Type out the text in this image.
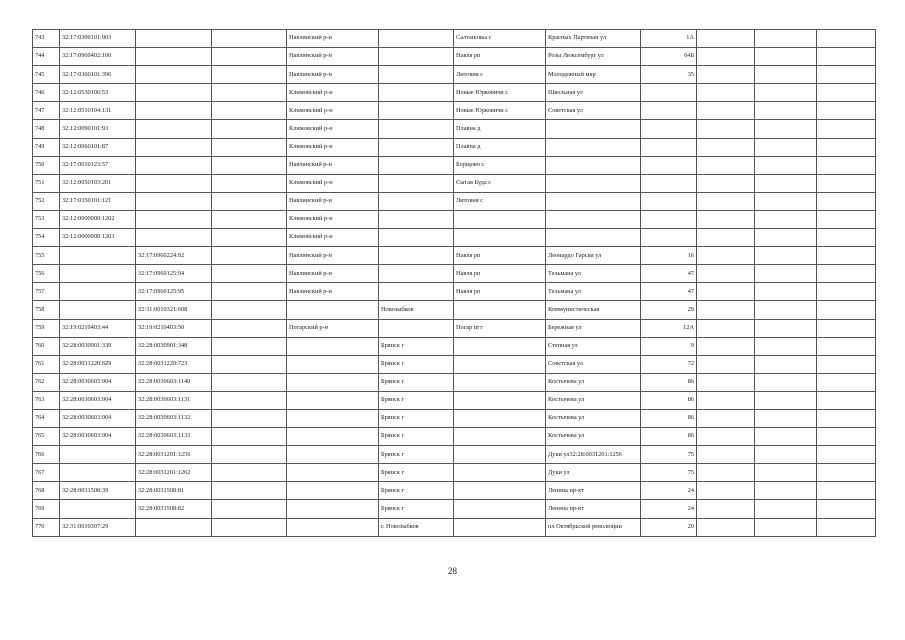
743	32:17:0300101:903			Навлинский р-н		Салтановка с	Красных Партизан ул	1А			
744	32:17:0960402:100			Навлинский р-н		Навля рп	Розы Люксембург ул	64Б			
745	32:17:0360101:396			Навлинский р-н		Литовня с	Молодежный мкр	35			
746	32:12:0530106:53			Климовский р-н		Новые Юрковичи с	Школьная ул				
747	32:12:0510104:131			Климовский р-н		Новые Юрковичи с	Советская ул				
748	32:12:0090101:93			Климовский р-н		Плавна д					
749	32:12:0060101:87			Климовский р-н		Плавна д					
750	32:17:0010123:57			Навлинский р-н		Борщово с					
751	32:12:0050103:201			Климовский р-н		Сытая Буда с					
752	32:17:0350101:121			Навлинский р-н		Литовня с					
753	32:12:0000000:1202			Климовский р-н							
754	32:12:0000000:1203			Климовский р-н							
755		32:17:0960224:92		Навлинский р-н		Навля рп	Леонардо Гарсиа ул	16			
756		32:17:0960125:94		Навлинский р-н		Навля рп	Тельмана ул	47			
757		32:17:0960125:95		Навлинский р-н		Навля рп	Тельмана ул	47			
758		32:31:0010321:608			Новозыбков		Коммунистическая	29			
759	32:19:0210403:44	32:19:0210403:50		Погарский р-н		Погар пгт	Бережная ул	12А			
760	32:28:0030901:339	32:28:0030901:348			Брянск г		Степная ул	9			
761	32:28:0031220:629	32:28:0031220:723			Брянск г		Советская ул	72			
762	32:28:0030603:904	32:28:0030603:1140			Брянск г		Костычева ул	86			
763	32:28:0030603:904	32:28:0030603:1131			Брянск г		Костычева ул	86			
764	32:28:0030603:904	32:28:0030603:1132			Брянск г		Костычева ул	86			
765	32:28:0030603:904	32:28:0030603:1133			Брянск г		Костычева ул	86			
766		32:28:0031201:1256			Брянск г		Дуки ул32:28:0031201:1256	75			
767		32:28:0031201:1262			Брянск г		Дуки ул	75			
768	32:28:0031508:39	32:28:0031508:81			Брянск г		Ленина пр-кт	24			
769		32:28:0031508:82			Брянск г		Ленина пр-кт	24			
770	32:31:0010307:29				г. Новозыбков		пл Октябрьской революции	20			
28
